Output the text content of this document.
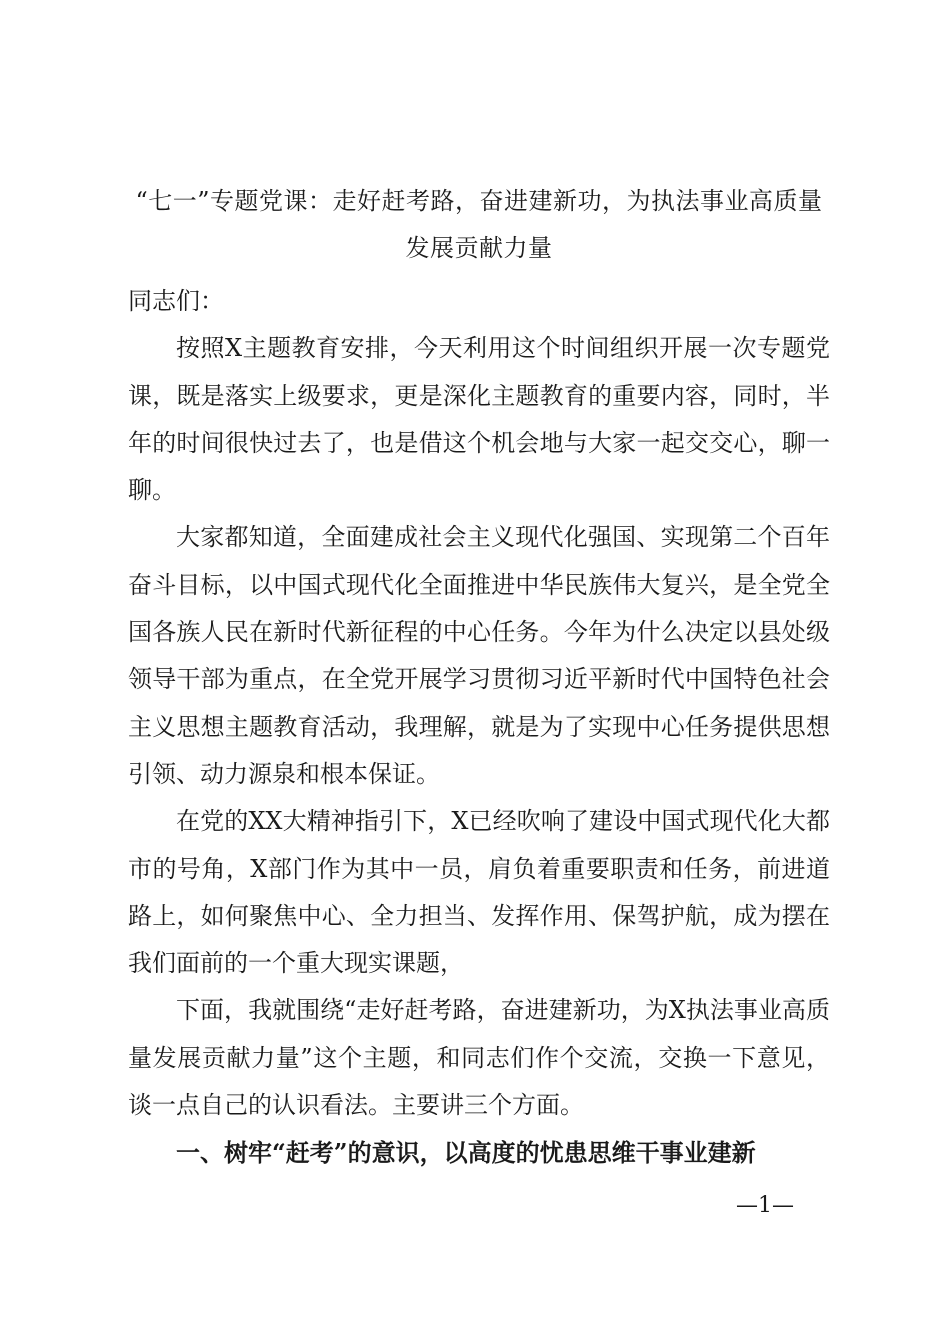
“七一”专题党课：走好赶考路，奋进建新功，为执法事业高质量发展贡献力量

同志们：

按照X主题教育安排，今天利用这个时间组织开展一次专题党课，既是落实上级要求，更是深化主题教育的重要内容，同时，半年的时间很快过去了，也是借这个机会地与大家一起交交心，聊一聊。

大家都知道，全面建成社会主义现代化强国、实现第二个百年奋斗目标，以中国式现代化全面推进中华民族伟大复兴，是全党全国各族人民在新时代新征程的中心任务。今年为什么决定以县处级领导干部为重点，在全党开展学习贯彻习近平新时代中国特色社会主义思想主题教育活动，我理解，就是为了实现中心任务提供思想引领、动力源泉和根本保证。

在党的XX大精神指引下，X已经吹响了建设中国式现代化大都市的号角，X部门作为其中一员，肩负着重要职责和任务，前进道路上，如何聚焦中心、全力担当、发挥作用、保驾护航，成为摆在我们面前的一个重大现实课题，

下面，我就围绕“走好赶考路，奋进建新功，为X执法事业高质量发展贡献力量”这个主题，和同志们作个交流，交换一下意见，谈一点自己的认识看法。主要讲三个方面。

一、树牢“赶考”的意识，以高度的忧患思维干事业建新

—1—
